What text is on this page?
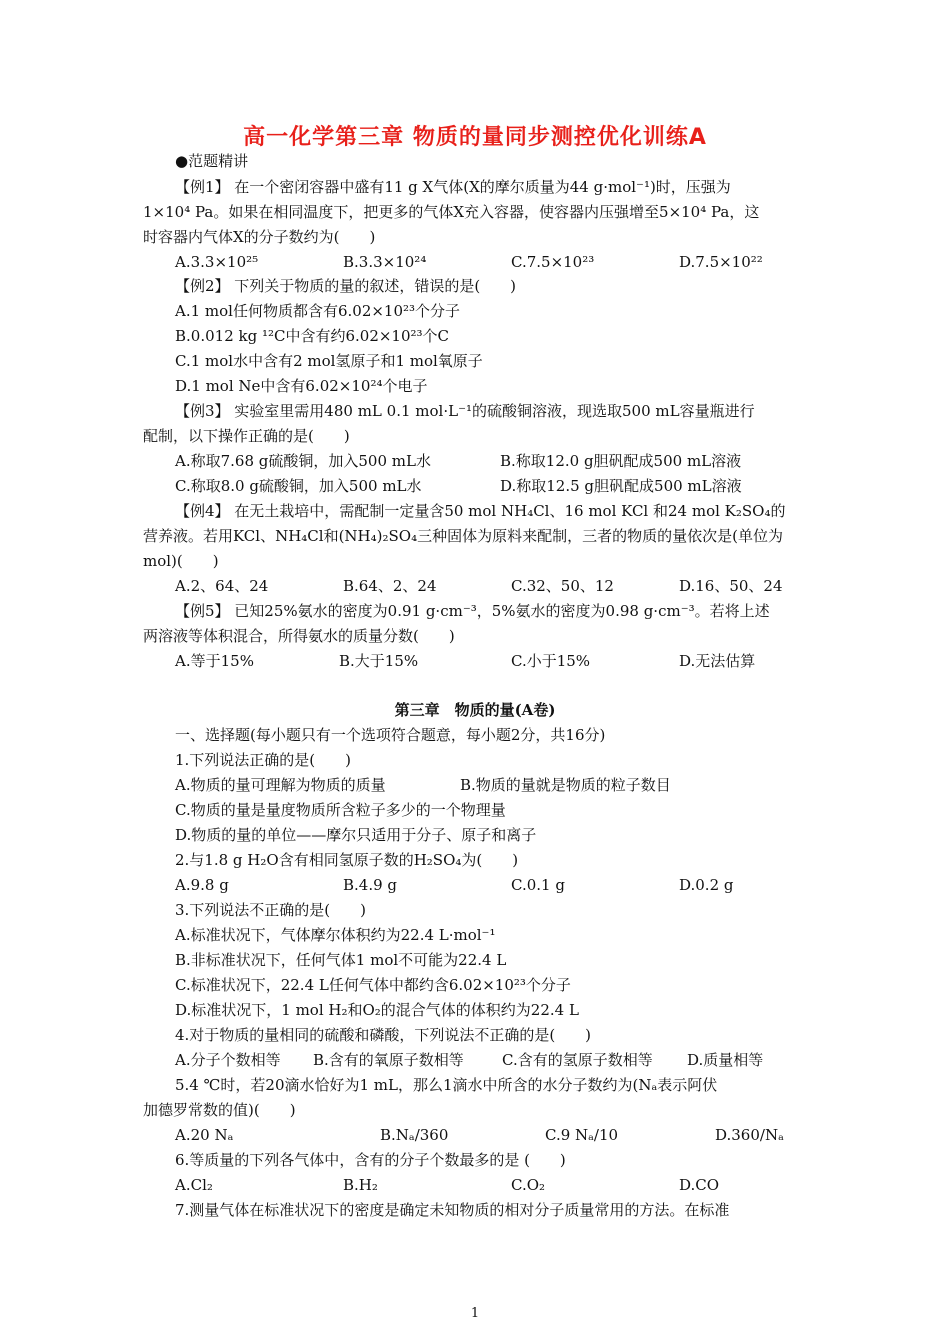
高一化学第三章 物质的量同步测控优化训练A
●范题精讲
【例1】 在一个密闭容器中盛有11 g X气体(X的摩尔质量为44 g·mol⁻¹)时，压强为
1×10⁴ Pa。如果在相同温度下，把更多的气体X充入容器，使容器内压强增至5×10⁴ Pa，这
时容器内气体X的分子数约为(　　)
A.3.3×10²⁵	B.3.3×10²⁴	C.7.5×10²³	D.7.5×10²²
【例2】 下列关于物质的量的叙述，错误的是(　　)
A.1 mol任何物质都含有6.02×10²³个分子
B.0.012 kg ¹²C中含有约6.02×10²³个C
C.1 mol水中含有2 mol氢原子和1 mol氧原子
D.1 mol Ne中含有6.02×10²⁴个电子
【例3】 实验室里需用480 mL 0.1 mol·L⁻¹的硫酸铜溶液，现选取500 mL容量瓶进行
配制，以下操作正确的是(　　)
A.称取7.68 g硫酸铜，加入500 mL水	B.称取12.0 g胆矾配成500 mL溶液
C.称取8.0 g硫酸铜，加入500 mL水	D.称取12.5 g胆矾配成500 mL溶液
【例4】 在无土栽培中，需配制一定量含50 mol NH₄Cl、16 mol KCl 和24 mol K₂SO₄的
营养液。若用KCl、NH₄Cl和(NH₄)₂SO₄三种固体为原料来配制，三者的物质的量依次是(单位为
mol)(　　)
A.2、64、24	B.64、2、24	C.32、50、12	D.16、50、24
【例5】 已知25%氨水的密度为0.91 g·cm⁻³，5%氨水的密度为0.98 g·cm⁻³。若将上述
两溶液等体积混合，所得氨水的质量分数(　　)
A.等于15%	B.大于15%	C.小于15%	D.无法估算
第三章　物质的量(A卷)
一、选择题(每小题只有一个选项符合题意，每小题2分，共16分)
1.下列说法正确的是(　　)
A.物质的量可理解为物质的质量	B.物质的量就是物质的粒子数目
C.物质的量是量度物质所含粒子多少的一个物理量
D.物质的量的单位——摩尔只适用于分子、原子和离子
2.与1.8 g H₂O含有相同氢原子数的H₂SO₄为(　　)
A.9.8 g	B.4.9 g	C.0.1 g	D.0.2 g
3.下列说法不正确的是(　　)
A.标准状况下，气体摩尔体积约为22.4 L·mol⁻¹
B.非标准状况下，任何气体1 mol不可能为22.4 L
C.标准状况下，22.4 L任何气体中都约含6.02×10²³个分子
D.标准状况下，1 mol H₂和O₂的混合气体的体积约为22.4 L
4.对于物质的量相同的硫酸和磷酸，下列说法不正确的是(　　)
A.分子个数相等 B.含有的氧原子数相等	C.含有的氢原子数相等 D.质量相等
5.4 ℃时，若20滴水恰好为1 mL，那么1滴水中所含的水分子数约为(Nₐ表示阿伏
加德罗常数的值)(　　)
A.20 Nₐ	B.Nₐ/360	C.9 Nₐ/10	D.360/Nₐ
6.等质量的下列各气体中，含有的分子个数最多的是 (　　)
A.Cl₂	B.H₂	C.O₂	D.CO
7.测量气体在标准状况下的密度是确定未知物质的相对分子质量常用的方法。在标准
1
